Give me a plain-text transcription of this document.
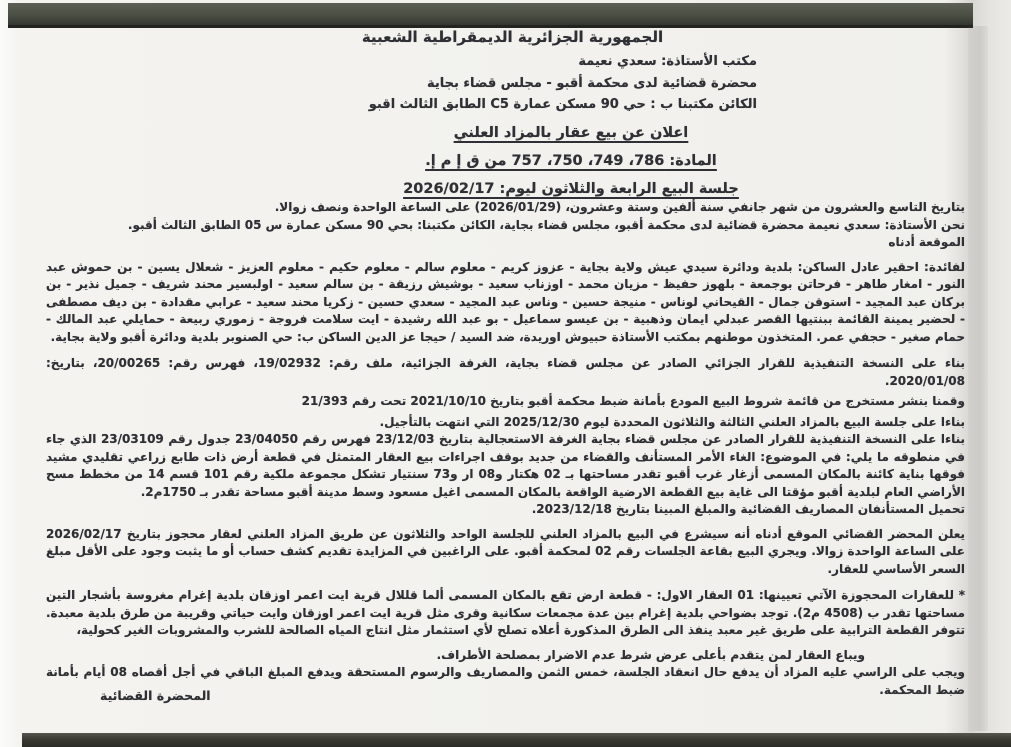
الجمهورية الجزائرية الديمقراطية الشعبية
مكتب الأستاذة: سعدي نعيمة
محضرة قضائية لدى محكمة أقبو - مجلس قضاء بجاية
الكائن مكتبنا ب : حي 90 مسكن عمارة C5 الطابق الثالث اقبو
اعلان عن بيع عقار بالمزاد العلني
المادة: 786، 749، 750، 757 من ق إ م إ.
جلسة البيع الرابعة والثلاثون ليوم: 2026/02/17

بتاريخ التاسع والعشرون من شهر جانفي سنة ألفين وستة وعشرون، (2026/01/29) على الساعة الواحدة ونصف زوالا.

نحن الأستاذة: سعدي نعيمة محضرة قضائية لدى محكمة أقبو، مجلس قضاء بجاية، الكائن مكتبنا: بحي 90 مسكن عمارة س 05 الطابق الثالث أقبو.

الموقعة أدناه

لفائدة: احقير عادل الساكن: بلدية ودائرة سيدي عيش ولاية بجاية - عزوز كريم - معلوم سالم - معلوم حكيم - معلوم العزيز - شعلال يسين - بن حموش عبد النور - امغار طاهر - فرحاتن بوجمعة - بلهوز حفيظ - مزيان محمد - اوزناب سعيد - بوشيش رزيقة - بن سالم سعيد - اولبسير محند شريف - جميل نذير - بن بركان عبد المجيد - استوقن جمال - القيحاني لوناس - منيجة حسين - وناس عبد المجيد - سعدي حسين - زكريا محند سعيد - عرابي مقدادة - بن ديف مصطفى - لحضير يمينة القائمة ببنتيها القصر عبدلي ايمان وذهبية - بن عيسو سماعيل - بو عبد الله رشيدة - ايت سلامت فروجة - زموري ربيعة - حمايلي عبد المالك - حمام صغير - حجفي عمر. المتخذون موطنهم بمكتب الأستاذة حبيوش اوريدة، ضد السيد / حيجا عز الدين الساكن ب: حي الصنوبر بلدية ودائرة أقبو ولاية بجاية.

بناء على النسخة التنفيذية للقرار الجزائي الصادر عن مجلس قضاء بجاية، الغرفة الجزائية، ملف رقم: 19/02932، فهرس رقم: 20/00265، بتاريخ: 2020/01/08.

وقمنا بنشر مستخرج من قائمة شروط البيع المودع بأمانة ضبط محكمة أقبو بتاريخ 2021/10/10 تحت رقم 21/393

بناءا على جلسة البيع بالمزاد العلني الثالثة والثلاثون المحددة ليوم 2025/12/30 التي انتهت بالتأجيل.

بناءا على النسخة التنفيذية للقرار الصادر عن مجلس قضاء بجاية الغرفة الاستعجالية بتاريخ 23/12/03 فهرس رقم 23/04050 جدول رقم 23/03109 الذي جاء في منطوقه ما يلي: في الموضوع: الغاء الأمر المستأنف والقضاء من جديد بوقف اجراءات بيع العقار المتمثل في قطعة أرض ذات طابع زراعي تقليدي مشيد فوقها بناية كائنة بالمكان المسمى أزغار غرب أقبو تقدر مساحتها بـ 02 هكتار و08 ار و73 سنتيار تشكل مجموعة ملكية رقم 101 قسم 14 من مخطط مسح الأراضي العام لبلدية أقبو مؤقتا الى غاية بيع القطعة الارضية الواقعة بالمكان المسمى اغيل مسعود وسط مدينة أقبو مساحة تقدر بـ 1750م2.

تحميل المستأنفان المصاريف القضائية والمبلغ المبينا بتاريخ 2023/12/18.

يعلن المحضر القضائي الموقع أدناه أنه سيشرع في البيع بالمزاد العلني للجلسة الواحد والثلاثون عن طريق المزاد العلني لعقار محجوز بتاريخ 2026/02/17 على الساعة الواحدة زوالا. ويجري البيع بقاعة الجلسات رقم 02 لمحكمة أقبو. على الراغبين في المزايدة تقديم كشف حساب أو ما يثبت وجود على الأقل مبلغ السعر الأساسي للعقار.

* للعقارات المحجوزة الآتي تعيينها: 01 العقار الاول: - قطعة ارض تقع بالمكان المسمى ألما قللال قرية ايت اعمر اوزقان بلدية إغرام مغروسة بأشجار التين مساحتها تقدر ب (4508 م2). توجد بضواحي بلدية إغرام بين عدة مجمعات سكانية وقرى مثل قرية ايت اعمر اوزقان وايت حياتي وقريبة من طرق بلدية معبدة. تتوفر القطعة الترابية على طريق غير معبد ينفذ الى الطرق المذكورة أعلاه تصلح لأي استثمار مثل انتاج المياه الصالحة للشرب والمشروبات الغير كحولية،

ويباع العقار لمن يتقدم بأعلى عرض شرط عدم الاضرار بمصلحة الأطراف.

ويجب على الراسي عليه المزاد أن يدفع حال انعقاد الجلسة، خمس الثمن والمصاريف والرسوم المستحقة ويدفع المبلغ الباقي في أجل أقصاه 08 أيام بأمانة ضبط المحكمة.

المحضرة القضائية
